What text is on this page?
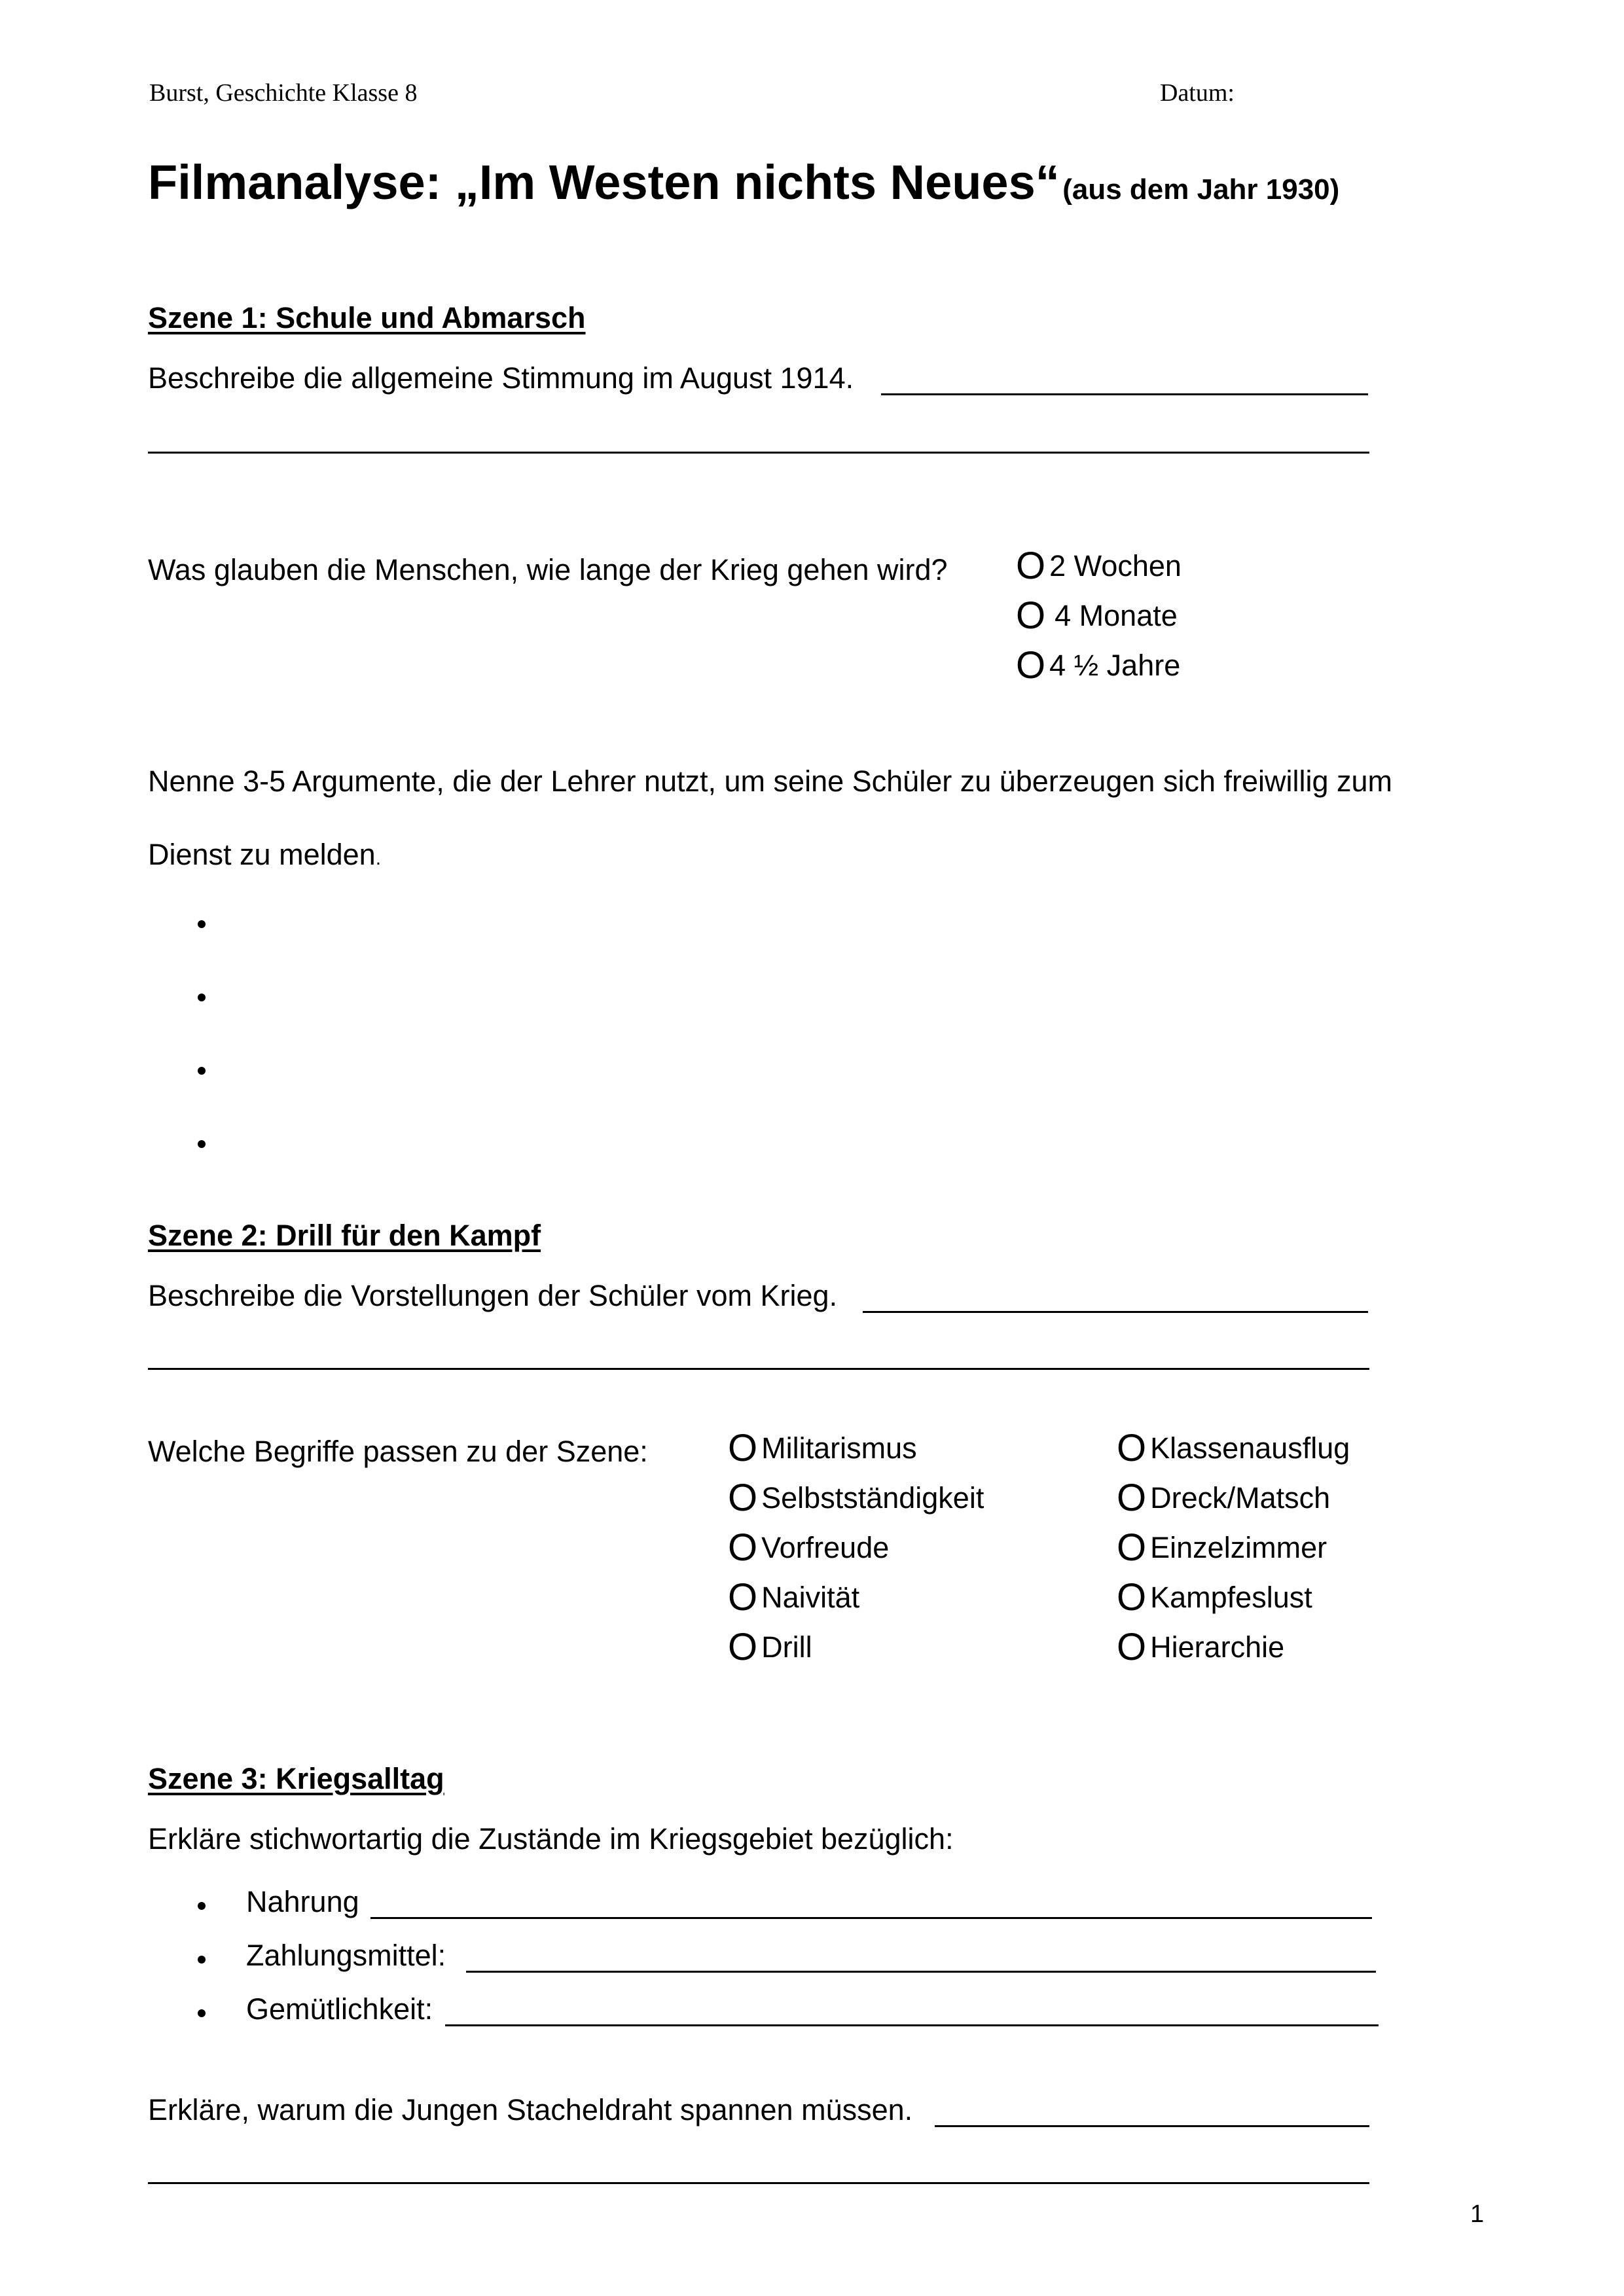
Burst, Geschichte Klasse 8	Datum:
Filmanalyse: „Im Westen nichts Neues“ (aus dem Jahr 1930)
Szene 1: Schule und Abmarsch
Beschreibe die allgemeine Stimmung im August 1914.
Was glauben die Menschen, wie lange der Krieg gehen wird? O 2 Wochen
O 4 Monate
O 4 ½ Jahre
Nenne 3-5 Argumente, die der Lehrer nutzt, um seine Schüler zu überzeugen sich freiwillig zum
Dienst zu melden.
Szene 2: Drill für den Kampf
Beschreibe die Vorstellungen der Schüler vom Krieg.
Welche Begriffe passen zu der Szene: O Militarismus
O Selbstständigkeit
O Vorfreude
O Naivität
O Drill
O Klassenausflug
O Dreck/Matsch
O Einzelzimmer
O Kampfeslust
O Hierarchie
Szene 3: Kriegsalltag
Erkläre stichwortartig die Zustände im Kriegsgebiet bezüglich:
Nahrung
Zahlungsmittel:
Gemütlichkeit:
Erkläre, warum die Jungen Stacheldraht spannen müssen.
1
